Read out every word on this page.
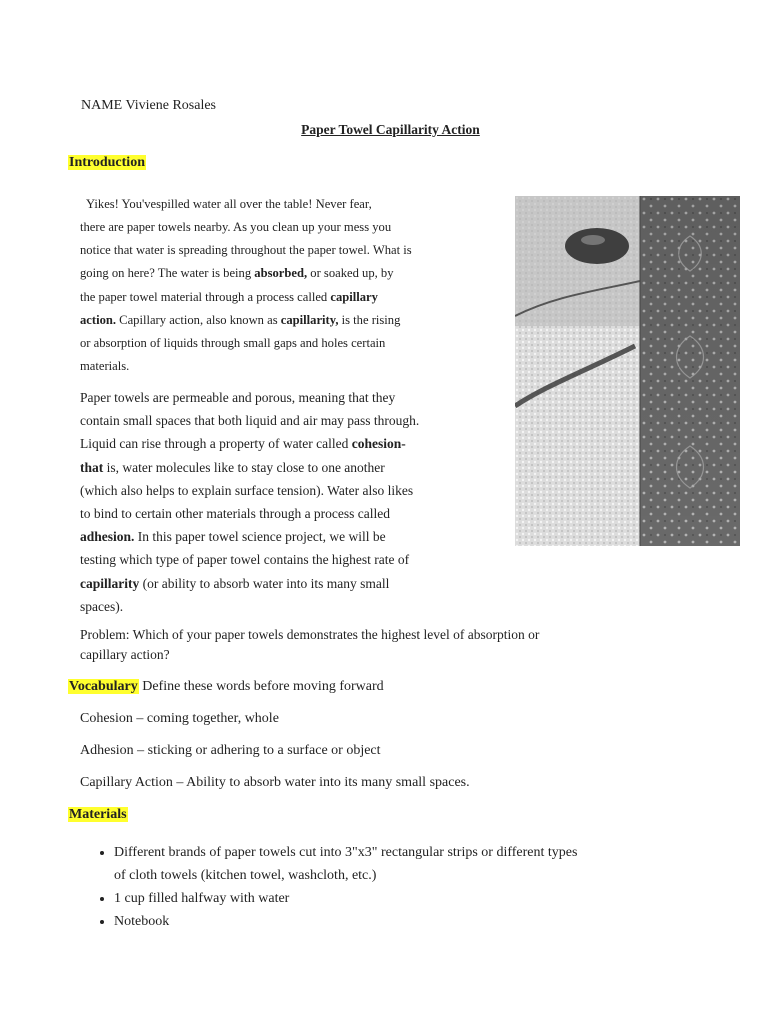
NAME Viviene Rosales
Paper Towel Capillarity Action
Introduction
Yikes! You'vespilled water all over the table! Never fear,
there are paper towels nearby. As you clean up your mess you
notice that water is spreading throughout the paper towel. What is
going on here? The water is being absorbed, or soaked up, by
the paper towel material through a process called capillary
action. Capillary action, also known as capillarity, is the rising
or absorption of liquids through small gaps and holes certain
materials.
Paper towels are permeable and porous, meaning that they
contain small spaces that both liquid and air may pass through.
Liquid can rise through a property of water called cohesion-
that is, water molecules like to stay close to one another
(which also helps to explain surface tension). Water also likes
to bind to certain other materials through a process called
adhesion. In this paper towel science project, we will be
testing which type of paper towel contains the highest rate of
capillarity (or ability to absorb water into its many small
spaces).
Problem: Which of your paper towels demonstrates the highest level of absorption or
capillary action?
Vocabulary Define these words before moving forward
Cohesion – coming together, whole
Adhesion – sticking or adhering to a surface or object
Capillary Action – Ability to absorb water into its many small spaces.
Materials
• Different brands of paper towels cut into 3"x3" rectangular strips or different types
of cloth towels (kitchen towel, washcloth, etc.)
• 1 cup filled halfway with water
• Notebook
